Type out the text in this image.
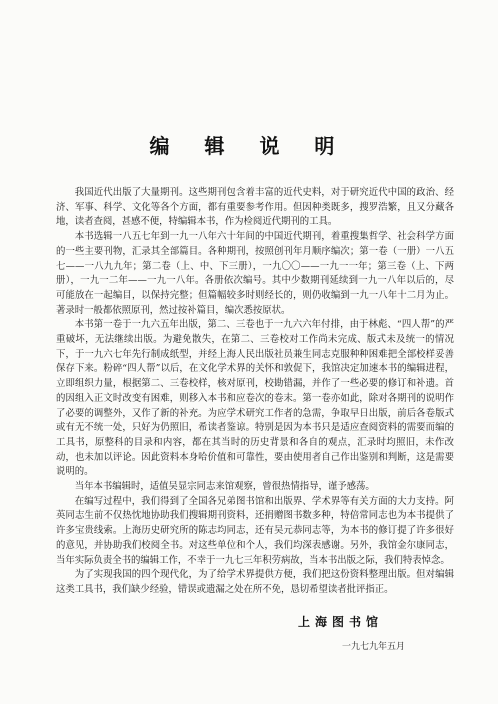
编 辑 说 明

我国近代出版了大量期刊。这些期刊包含着丰富的近代史料，对于研究近代中国的政治、经济、军事、科学、文化等各个方面，都有重要参考作用。但因种类既多，搜罗浩繁，且又分藏各地，读者查阅，甚感不便，特编辑本书，作为检阅近代期刊的工具。

本书选辑一八五七年到一九一八年六十年间的中国近代期刊，着重搜集哲学、社会科学方面的一些主要刊物，汇录其全部篇目。各种期刊，按照创刊年月顺序编次；第一卷（一册）一八五七——一八九九年；第二卷（上、中、下三册），一九〇〇——一九一一年；第三卷（上、下两册），一九一二年——一九一八年。各册依次编号。其中少数期刊延续到一九一八年以后的，尽可能放在一起编目，以保持完整；但篇幅较多时则经长的，则仍收编到一九一八年十二月为止。著录时一般都依照原刊，然过按补篇目，编次悉按原状。

本书第一卷于一九六五年出版，第二、三卷也于一九六六年付排，由于林彪、“四人帮”的严重破坏，无法继续出版。为避免散失，在第二、三卷校对工作尚未完成、版式未及统一的情况下，于一九六七年先行制成纸型，并经上海人民出版社员兼生同志克服种种困难把全部校样妥善保存下来。粉碎“四人帮”以后，在文化学术界的关怀和敦促下，我馆决定加速本书的编辑进程，立即组织力量，根据第二、三卷校样，核对原刊，校勘错漏，并作了一些必要的修订和补遗。首的因组入正文时改变有困难，则移入本书和应卷次的卷末。第一卷亦如此，除对各期刊的说明作了必要的调整外，又作了新的补充。为应学术研究工作者的急需，争取早日出版，前后各卷版式或有无不统一处，只好为仍照旧，希读者鉴谅。特别是因为本书只是适应查阅资料的需要而编的工具书，原整科的目录和内容，都在其当时的历史背景和各自的观点，汇录时均照旧，未作改动，也未加以评论。因此资料本身哈价值和可靠性，要由使用者自己作出鉴别和判断，这是需要说明的。

当年本书编辑时，适值吴显宗同志来馆观察，曾很热情指导，谨予感荡。

在编写过程中，我们得到了全国各兄弟图书馆和出版界、学术界等有关方面的大力支持。阿英同志生前不仅热忱地协助我们搜辑期刊资料，还捐赠图书数多种，特倍常同志也为本书提供了许多宝贵线索。上海历史研究所的陈志均同志，还有吴元恭同志等，为本书的修订提了许多很好的意见，并协助我们校阅全书。对这些单位和个人，我们均深表感谢。另外，我馆金尔康同志，当年实际负责全书的编辑工作，不幸于一九七三年积劳病故，当本书出版之际，我们特表悼念。

为了实现我国的四个现代化，为了给学术界提供方便，我们把这份资料整理出版。但对编辑这类工具书，我们缺少经验，错误或遗漏之处在所不免，恳切希望读者批评指正。

上海图书馆
一九七九年五月
